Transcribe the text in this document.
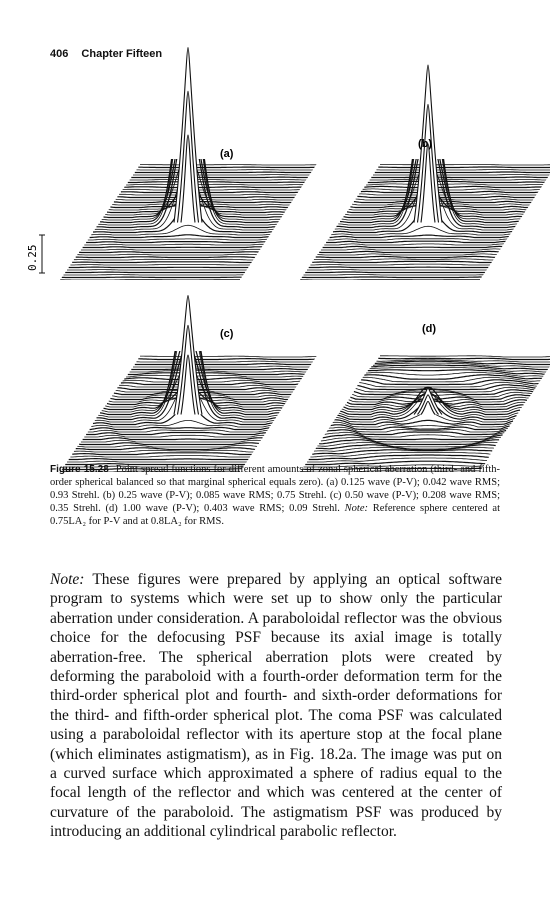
406 Chapter Fifteen
(a)
(b)
(c)	(d)
0.25
Figure 15.28 Point spread functions for different amounts of zonal spherical aberration (third- and fifth-order spherical balanced so that marginal spherical equals zero). (a) 0.125 wave (P-V); 0.042 wave RMS; 0.93 Strehl. (b) 0.25 wave (P-V); 0.085 wave RMS; 0.75 Strehl. (c) 0.50 wave (P-V); 0.208 wave RMS; 0.35 Strehl. (d) 1.00 wave (P-V); 0.403 wave RMS; 0.09 Strehl. Note: Reference sphere centered at 0.75LA₂ for P-V and at 0.8LA₂ for RMS.
Note: These figures were prepared by applying an optical software program to systems which were set up to show only the particular aberration under consideration. A paraboloidal reflector was the obvious choice for the defocusing PSF because its axial image is totally aberration-free. The spherical aberration plots were created by deforming the paraboloid with a fourth-order deformation term for the third-order spherical plot and fourth- and sixth-order deformations for the third- and fifth-order spherical plot. The coma PSF was calculated using a paraboloidal reflector with its aperture stop at the focal plane (which eliminates astigmatism), as in Fig. 18.2a. The image was put on a curved surface which approximated a sphere of radius equal to the focal length of the reflector and which was centered at the center of curvature of the paraboloid. The astigmatism PSF was produced by introducing an additional cylindrical parabolic reflector.
